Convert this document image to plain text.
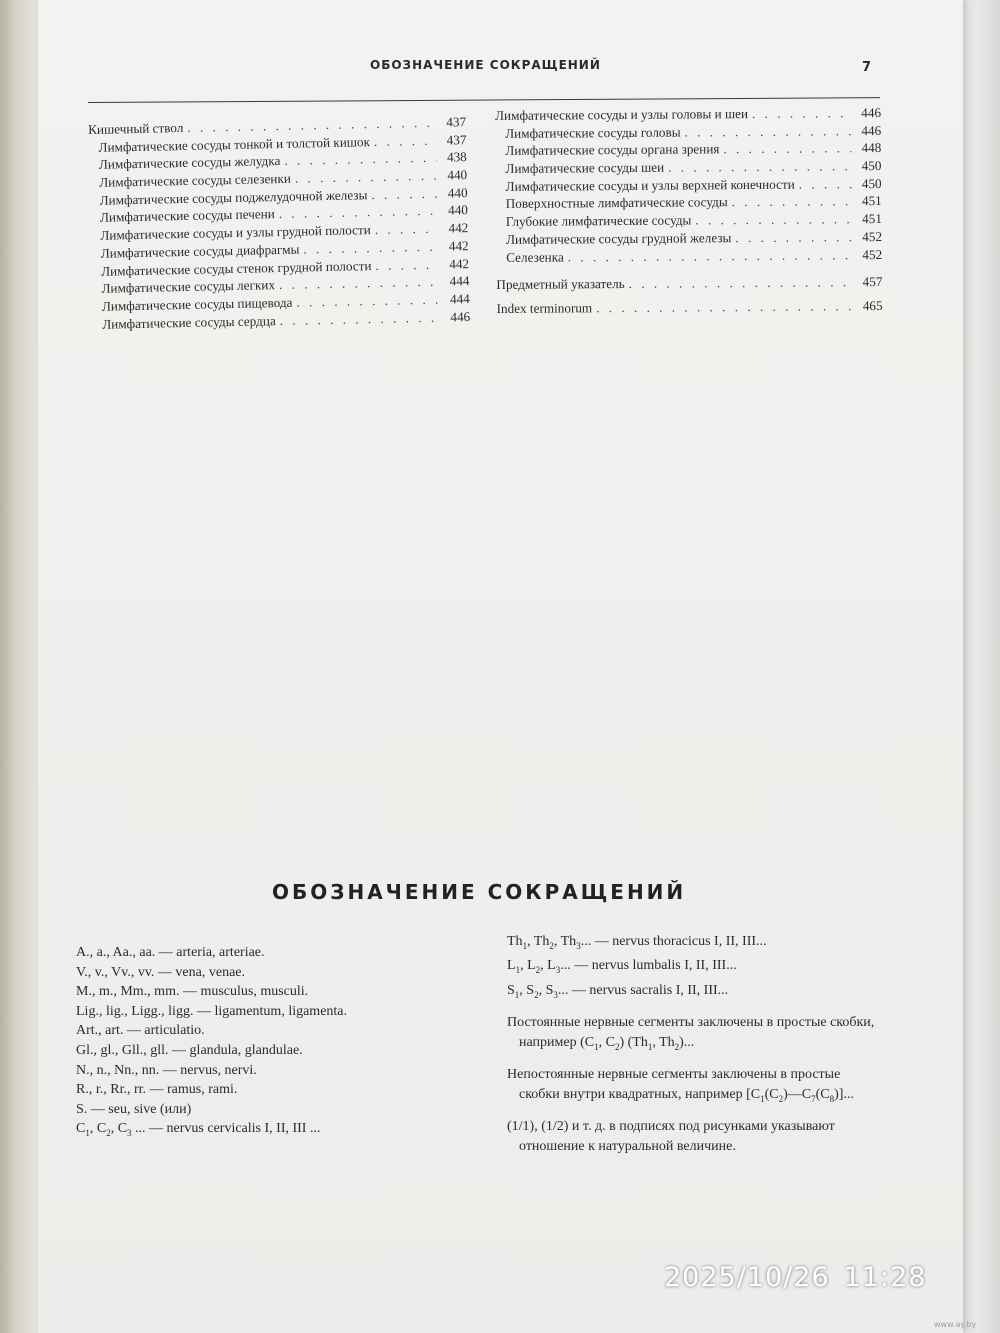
ОБОЗНАЧЕНИЕ СОКРАЩЕНИЙ	7
Кишечный ствол . . .	437
Лимфатические сосуды тонкой и толстой кишок . . .	437
Лимфатические сосуды желудка . . .	438
Лимфатические сосуды селезенки . . .	440
Лимфатические сосуды поджелудочной железы . . .	440
Лимфатические сосуды печени . . .	440
Лимфатические сосуды и узлы грудной полости . . .	442
Лимфатические сосуды диафрагмы . . .	442
Лимфатические сосуды стенок грудной полости . . .	442
Лимфатические сосуды легких . . .	444
Лимфатические сосуды пищевода . . .	444
Лимфатические сосуды сердца . . .	446
Лимфатические сосуды и узлы головы и шеи . . .	446
Лимфатические сосуды головы . . .	446
Лимфатические сосуды органа зрения . . .	448
Лимфатические сосуды шеи . . .	450
Лимфатические сосуды и узлы верхней конечности . . .	450
Поверхностные лимфатические сосуды . . .	451
Глубокие лимфатические сосуды . . .	451
Лимфатические сосуды грудной железы . . .	452
Селезенка . . .	452
Предметный указатель . . .	457
Index terminorum . . .	465
ОБОЗНАЧЕНИЕ СОКРАЩЕНИЙ
A., a., Aa., aa. — arteria, arteriae.
V., v., Vv., vv. — vena, venae.
M., m., Mm., mm. — musculus, musculi.
Lig., lig., Ligg., ligg. — ligamentum, ligamenta.
Art., art. — articulatio.
Gl., gl., Gll., gll. — glandula, glandulae.
N., n., Nn., nn. — nervus, nervi.
R., r., Rr., rr. — ramus, rami.
S. — seu, sive (или)
$C_1$, $C_2$, $C_3$ ... — nervus cervicalis I, II, III ...
$Th_1$, $Th_2$, $Th_3$... — nervus thoracicus I, II, III...
$L_1$, $L_2$, $L_3$... — nervus lumbalis I, II, III...
$S_1$, $S_2$, $S_3$... — nervus sacralis I, II, III...
Постоянные нервные сегменты заключены в простые скобки,
например ($C_1$, $C_2$) ($Th_1$, $Th_2$)...
Непостоянные нервные сегменты заключены в простые
скобки внутри квадратных, например $[C_1(C_2)—C_7(C_8)]$...
(1/1), (1/2) и т. д. в подписях под рисунками указывают
отношение к натуральной величине.
2025/10/26 11:28
www.ay.by
